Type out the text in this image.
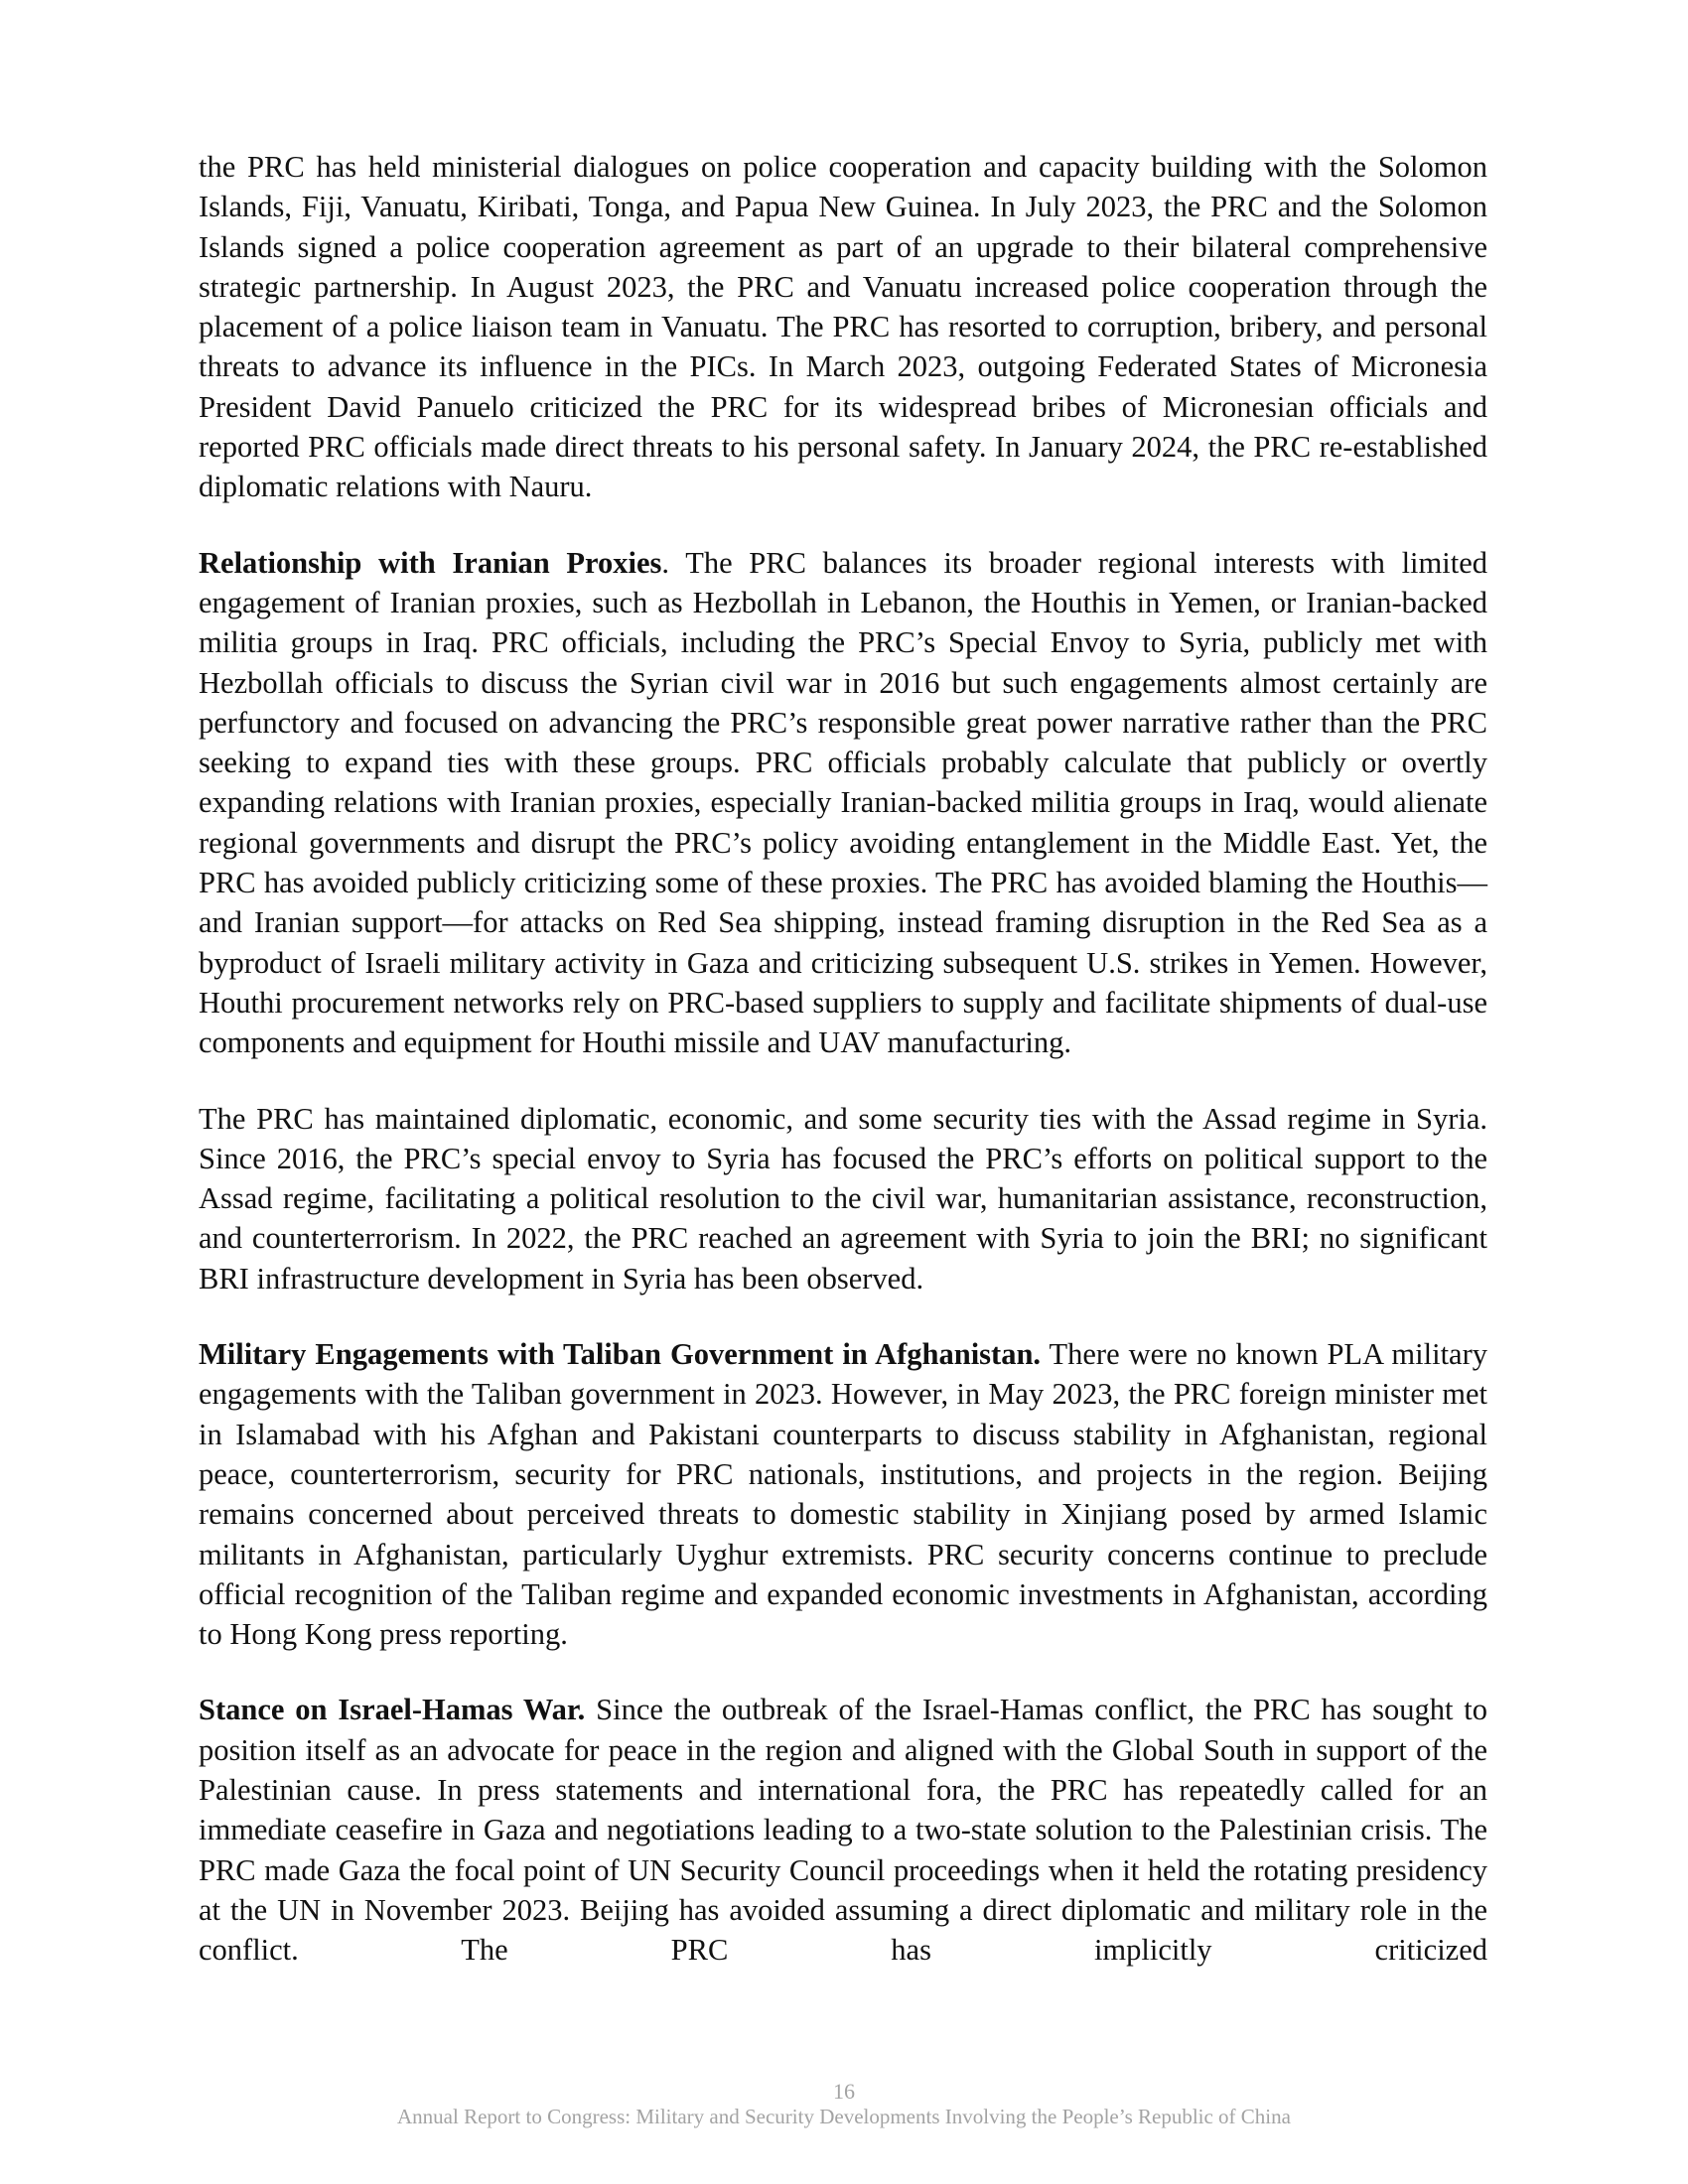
the PRC has held ministerial dialogues on police cooperation and capacity building with the Solomon Islands, Fiji, Vanuatu, Kiribati, Tonga, and Papua New Guinea. In July 2023, the PRC and the Solomon Islands signed a police cooperation agreement as part of an upgrade to their bilateral comprehensive strategic partnership. In August 2023, the PRC and Vanuatu increased police cooperation through the placement of a police liaison team in Vanuatu. The PRC has resorted to corruption, bribery, and personal threats to advance its influence in the PICs. In March 2023, outgoing Federated States of Micronesia President David Panuelo criticized the PRC for its widespread bribes of Micronesian officials and reported PRC officials made direct threats to his personal safety. In January 2024, the PRC re-established diplomatic relations with Nauru.

Relationship with Iranian Proxies. The PRC balances its broader regional interests with limited engagement of Iranian proxies, such as Hezbollah in Lebanon, the Houthis in Yemen, or Iranian-backed militia groups in Iraq. PRC officials, including the PRC’s Special Envoy to Syria, publicly met with Hezbollah officials to discuss the Syrian civil war in 2016 but such engagements almost certainly are perfunctory and focused on advancing the PRC’s responsible great power narrative rather than the PRC seeking to expand ties with these groups. PRC officials probably calculate that publicly or overtly expanding relations with Iranian proxies, especially Iranian-backed militia groups in Iraq, would alienate regional governments and disrupt the PRC’s policy avoiding entanglement in the Middle East. Yet, the PRC has avoided publicly criticizing some of these proxies. The PRC has avoided blaming the Houthis—and Iranian support—for attacks on Red Sea shipping, instead framing disruption in the Red Sea as a byproduct of Israeli military activity in Gaza and criticizing subsequent U.S. strikes in Yemen. However, Houthi procurement networks rely on PRC-based suppliers to supply and facilitate shipments of dual-use components and equipment for Houthi missile and UAV manufacturing.

The PRC has maintained diplomatic, economic, and some security ties with the Assad regime in Syria. Since 2016, the PRC’s special envoy to Syria has focused the PRC’s efforts on political support to the Assad regime, facilitating a political resolution to the civil war, humanitarian assistance, reconstruction, and counterterrorism. In 2022, the PRC reached an agreement with Syria to join the BRI; no significant BRI infrastructure development in Syria has been observed.

Military Engagements with Taliban Government in Afghanistan. There were no known PLA military engagements with the Taliban government in 2023. However, in May 2023, the PRC foreign minister met in Islamabad with his Afghan and Pakistani counterparts to discuss stability in Afghanistan, regional peace, counterterrorism, security for PRC nationals, institutions, and projects in the region. Beijing remains concerned about perceived threats to domestic stability in Xinjiang posed by armed Islamic militants in Afghanistan, particularly Uyghur extremists. PRC security concerns continue to preclude official recognition of the Taliban regime and expanded economic investments in Afghanistan, according to Hong Kong press reporting.

Stance on Israel-Hamas War. Since the outbreak of the Israel-Hamas conflict, the PRC has sought to position itself as an advocate for peace in the region and aligned with the Global South in support of the Palestinian cause. In press statements and international fora, the PRC has repeatedly called for an immediate ceasefire in Gaza and negotiations leading to a two-state solution to the Palestinian crisis. The PRC made Gaza the focal point of UN Security Council proceedings when it held the rotating presidency at the UN in November 2023. Beijing has avoided assuming a direct diplomatic and military role in the conflict. The PRC has implicitly criticized

16
Annual Report to Congress: Military and Security Developments Involving the People’s Republic of China
